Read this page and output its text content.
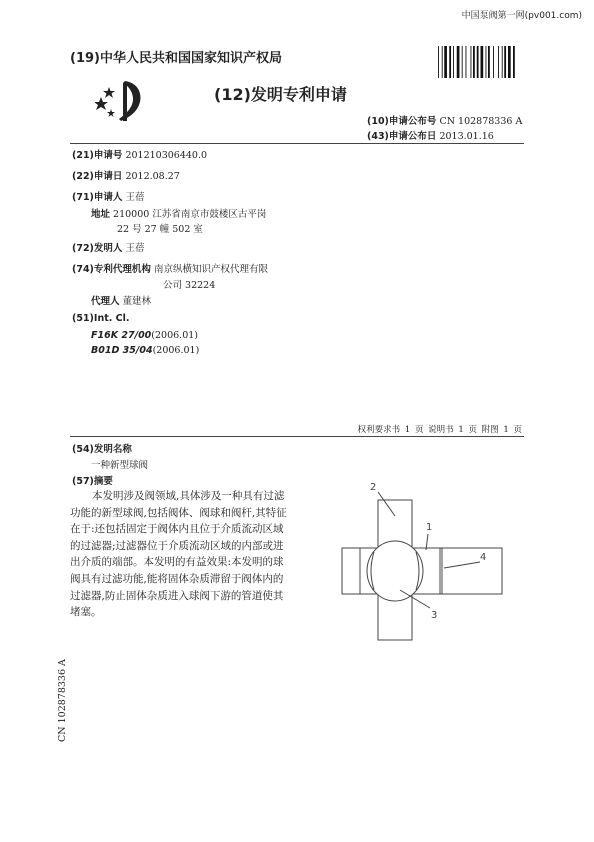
中国泵阀第一网(pv001.com)
(19)中华人民共和国国家知识产权局
(12)发明专利申请
(10)申请公布号 CN 102878336 A
(43)申请公布日 2013.01.16
(21)申请号 201210306440.0
(22)申请日 2012.08.27
(71)申请人 王蓓
地址 210000 江苏省南京市鼓楼区古平岗
22 号 27 幢 502 室
(72)发明人 王蓓
(74)专利代理机构 南京纵横知识产权代理有限
公司 32224
代理人 董建林
(51)Int. Cl.
F16K 27/00(2006.01)
B01D 35/04(2006.01)
权利要求书 1 页 说明书 1 页 附图 1 页
(54)发明名称
一种新型球阀
(57)摘要
本发明涉及阀领域,具体涉及一种具有过滤
功能的新型球阀,包括阀体、阀球和阀杆,其特征
在于:还包括固定于阀体内且位于介质流动区域
的过滤器;过滤器位于介质流动区域的内部或进
出介质的端部。本发明的有益效果:本发明的球
阀具有过滤功能,能将固体杂质滞留于阀体内的
过滤器,防止固体杂质进入球阀下游的管道使其
堵塞。
2
1
4
3
CN 102878336 A
